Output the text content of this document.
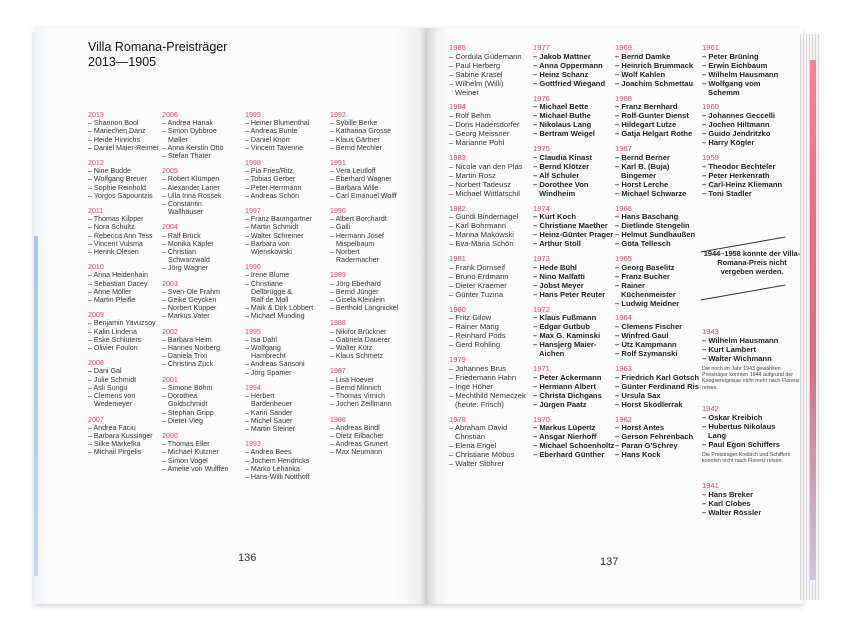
Villa Romana-Preisträger
2013—1905
2013
– Shannon Bool
– Mariechen Danz
– Heide Hinrichs
– Daniel Maier-Reimer
2012
– Nine Budde
– Wolfgang Breuer
– Sophie Reinhold
– Yorgos Sapountzis
2011
– Thomas Kilpper
– Nora Schultz
– Rebecca Ann Tess
– Vincent Vulsma
– Henrik Olesen
2010
– Anna Heidenhain
– Sebastian Dacey
– Anne Möller
– Martin Pfeifle
2009
– Benjamin Yavuzsoy
– Kalin Lindena
– Eske Schlüters
– Olivier Foulon
2008
– Dani Gal
– Julie Schmidt
– Asli Sungu
– Clemens von
Wedemeyer
2007
– Andrea Faciu
– Barbara Kussinger
– Silke Markefka
– Michail Pirgelis
2006
– Andrea Hanak
– Simon Dybbroe
Møller
– Anna Kerstin Ottö
– Stefan Thater
2005
– Robert Klümpen
– Alexander Laner
– Ulla Irina Rossek
– Constantin
Wallhäuser
2004
– Ralf Brück
– Monika Käpfer
– Christian
Schwarzwald
– Jörg Wagner
2003
– Sven-Ole Frahm
– Geike Geycken
– Norbert Kupper
– Markus Vater
2002
– Barbara Heim
– Hannes Norberg
– Daniela Trixi
– Christina Zück
2001
– Simone Böhm
– Dorothea
Goldschmidt
– Stephan Gripp
– Dieter Vieg
2000
– Thomas Eller
– Michael Kutzner
– Simon Vogel
– Amelie von Wulffen
1999
– Heiner Blumenthal
– Andreas Bunte
– Daniel Knorr
– Vincent Tavenne
1998
– Pia Fries/Ritz
– Tobias Gerber
– Peter Herrmann
– Andreas Schön
1997
– Franz Baumgartner
– Martin Schmidt
– Walter Schreiner
– Barbara von
Wienskowski
1996
– Irene Blume
– Christiane
Dellbrügge &
Ralf de Moll
– Maik & Dirk Löbbert
– Michael Munding
1995
– Isa Dahl
– Wolfgang
Hambrecht
– Andreas Sansoni
– Jörg Spamer
1994
– Herbert
Bardenheuer
– Karin Sander
– Michel Sauer
– Martin Steiner
1993
– Andrea Bees
– Jochem Hendricks
– Marko Lehanka
– Hans-Willi Notthoff
1992
– Sybille Berke
– Katharina Grosse
– Klaus Gärtner
– Bernd Mechler
1991
– Vera Leutloff
– Eberhard Wagner
– Barbara Wille
– Carl Emanuel Wolff
1990
– Albert Borchardt
– Galli
– Hermann Josef
Mispelbaum
– Norbert
Radermacher
1989
– Jörg Eberhard
– Bernd Jünger
– Gisela Kleinlein
– Berthold Langnickel
1988
– Nikifor Brückner
– Gabriela Dauerer
– Walter Kütz
– Klaus Schmetz
1987
– Lisa Hoever
– Bernd Minnich
– Thomas Virnich
– Jochen Zeillmann
1986
– Andreas Bindl
– Dietz Eilbacher
– Andreas Grunert
– Max Neumann
136
1985
– Cordula Güdemann
– Paul Herberg
– Sabine Krasel
– Wilhelm (Willi)
Weiner
1984
– Rolf Behm
– Doris Hadersdorfer
– Georg Meissner
– Marianne Pohl
1983
– Nicole van den Plas
– Martin Rosz
– Norbert Tadeusz
– Michael Wittlatschil
1982
– Gundi Bindernagel
– Karl Bohrmann
– Marina Makowski
– Eva-Maria Schön
1981
– Frank Dornseif
– Bruno Erdmann
– Dieter Kraemer
– Günter Tuzina
1980
– Fritz Gilow
– Rainer Mang
– Reinhard Pods
– Gerd Rohling
1979
– Johannes Brus
– Friedemann Hahn
– Inge Höher
– Mechthild Nemeczek
(heute: Frisch)
1978
– Abraham David
Christian
– Elena Engel
– Christiane Möbus
– Walter Stöhrer
1977
– Jakob Mattner
– Anna Oppermann
– Heinz Schanz
– Gottfried Wiegand
1976
– Michael Bette
– Michael Buthe
– Nikolaus Lang
– Bertram Weigel
1975
– Claudia Kinast
– Bernd Klötzer
– Alf Schuler
– Dorothee Von
Windheim
1974
– Kurt Koch
– Christiane Maether
– Heinz-Günter Prager
– Arthur Stoll
1973
– Hede Bühl
– Nino Malfatti
– Jobst Meyer
– Hans Peter Reuter
1972
– Klaus Fußmann
– Edgar Gutbub
– Max G. Kaminski
– Hansjerg Maier-
Aichen
1971
– Peter Ackermann
– Hermann Albert
– Christa Dichgans
– Jürgen Paatz
1970
– Markus Lüpertz
– Ansgar Nierhoff
– Michael Schoenholtz
– Eberhard Günther
1969
– Bernd Damke
– Heinrich Brummack
– Wolf Kahlen
– Joachim Schmettau
1968
– Franz Bernhard
– Rolf-Gunter Dienst
– Hildegart Lutze
– Gatja Helgart Rothe
1967
– Bernd Berner
– Karl B. (Buja)
Bingemer
– Horst Lerche
– Michael Schwarze
1966
– Hans Baschang
– Dietlinde Stengelin
– Helmut Sundhaußen
– Göta Tellesch
1965
– Georg Baselitz
– Franz Bucher
– Rainer
Küchenmeister
– Ludwig Meidner
1964
– Clemens Fischer
– Winfred Gaul
– Utz Kampmann
– Rolf Szymanski
1963
– Friedrich Karl Gotsch
– Günter Ferdinand Ris
– Ursula Sax
– Horst Skodlerrak
1962
– Horst Antes
– Gerson Fehrenbach
– Paran G'Schrey
– Hans Kock
1961
– Peter Brüning
– Erwin Eichbaum
– Wilhelm Hausmann
– Wolfgang vom
Schemm
1960
– Johannes Geccelli
– Jochen Hiltmann
– Guido Jendritzko
– Harry Kögler
1959
– Theodor Bechteler
– Peter Herkenrath
– Carl-Heinz Kliemann
– Toni Stadler
137
1944–1958 konnte der Villa-Romana-Preis nicht vergeben werden.
1943
– Wilhelm Hausmann
– Kurt Lambert
– Walter Wichmann
1942
– Oskar Kreibich
– Hubertus Nikolaus
Lang
– Paul Egon Schiffers
1941
– Hans Breker
– Karl Clobes
– Walter Rössler
Die noch im Jahr 1943 gewählten Preisträger konnten 1944 aufgrund der Kriegsereignisse nicht mehr nach Florenz reisen.
Die Preisträger Kreibich und Schiffers konnten nicht nach Florenz reisen.
